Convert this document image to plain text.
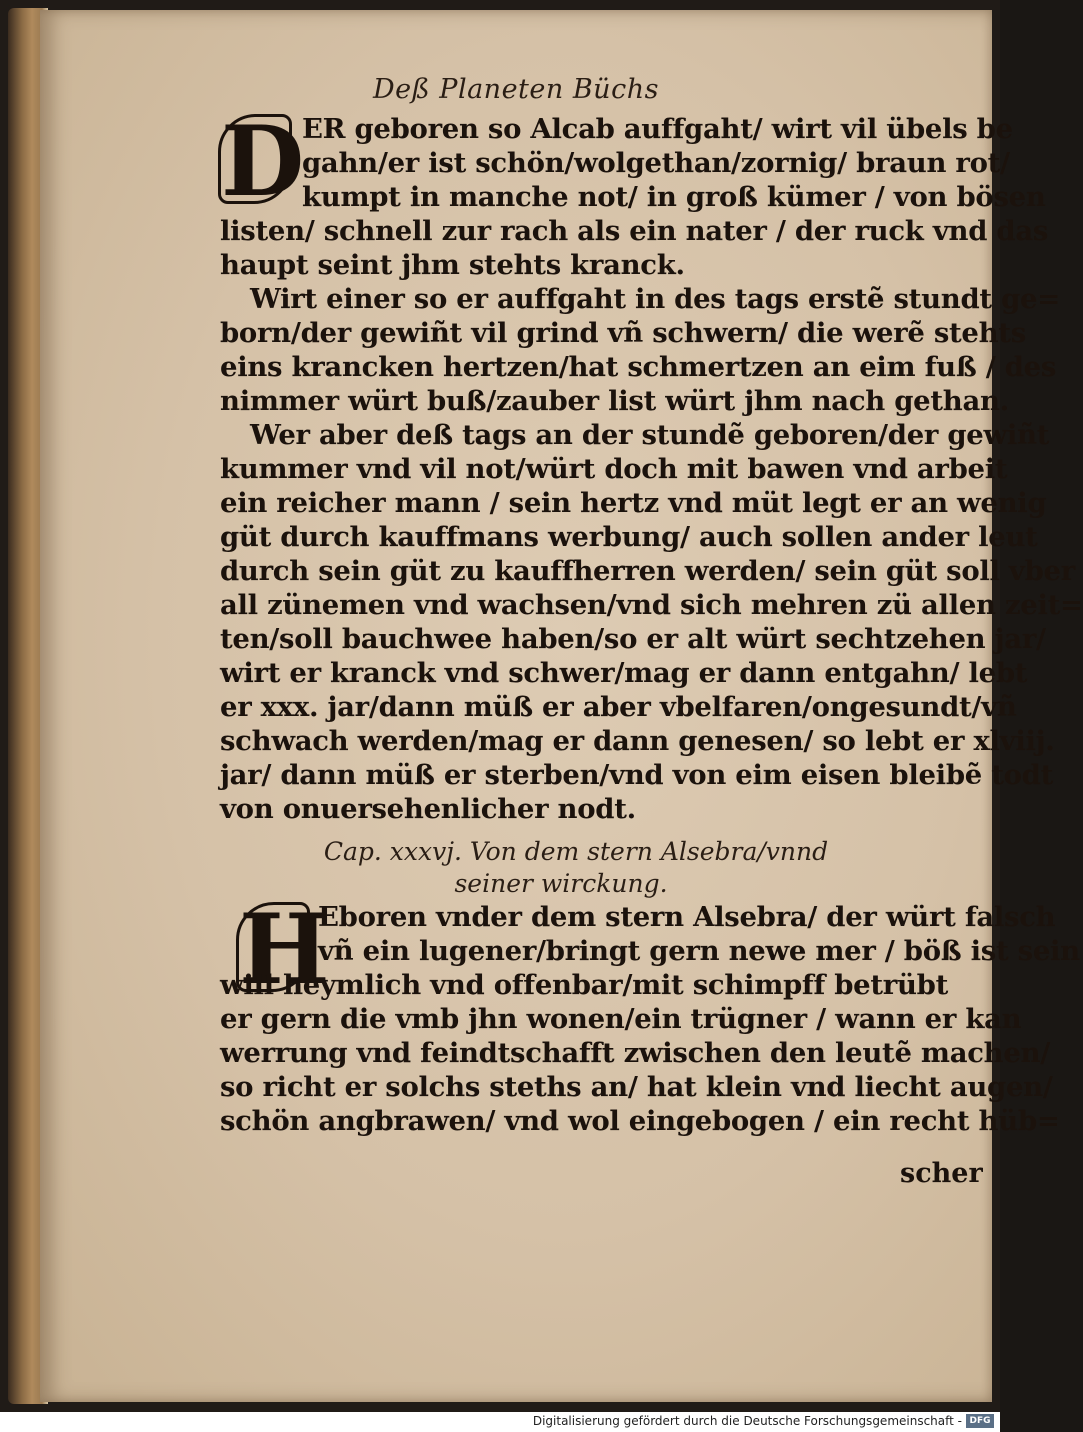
Deß Planeten Büchs
D

ER geboren so Alcab auffgaht/ wirt vil übels be

gahn/er ist schön/wolgethan/zornig/ braun rot/

kumpt in manche not/ in groß kümer / von bösen

listen/ schnell zur rach als ein nater / der ruck vnd das

haupt seint jhm stehts kranck.

Wirt einer so er auffgaht in des tags erstẽ stundt ge=

born/der gewiñt vil grind vñ schwern/ die werẽ stehts

eins krancken hertzen/hat schmertzen an eim fuß / des

nimmer würt buß/zauber list würt jhm nach gethan.

Wer aber deß tags an der stundẽ geboren/der gewiñt

kummer vnd vil not/würt doch mit bawen vnd arbeit

ein reicher mann / sein hertz vnd müt legt er an wenig

güt durch kauffmans werbung/ auch sollen ander leut

durch sein güt zu kauffherren werden/ sein güt soll vber

all zünemen vnd wachsen/vnd sich mehren zü allen zeit=

ten/soll bauchwee haben/so er alt würt sechtzehen jar/

wirt er kranck vnd schwer/mag er dann entgahn/ lebt

er xxx. jar/dann müß er aber vbelfaren/ongesundt/vñ

schwach werden/mag er dann genesen/ so lebt er xlviij.

jar/ dann müß er sterben/vnd von eim eisen bleibẽ todt

von onuersehenlicher nodt.

Cap. xxxvj. Von dem stern Alsebra/vnnd
seiner wirckung.
H

Eboren vnder dem stern Alsebra/ der würt falsch

vñ ein lugener/bringt gern newe mer / böß ist sein

will heymlich vnd offenbar/mit schimpff betrübt

er gern die vmb jhn wonen/ein trügner / wann er kan

werrung vnd feindtschafft zwischen den leutẽ machen/

so richt er solchs steths an/ hat klein vnd liecht augen/

schön angbrawen/ vnd wol eingebogen / ein recht hüb=

scher
Digitalisierung gefördert durch die Deutsche Forschungsgemeinschaft - DFG
